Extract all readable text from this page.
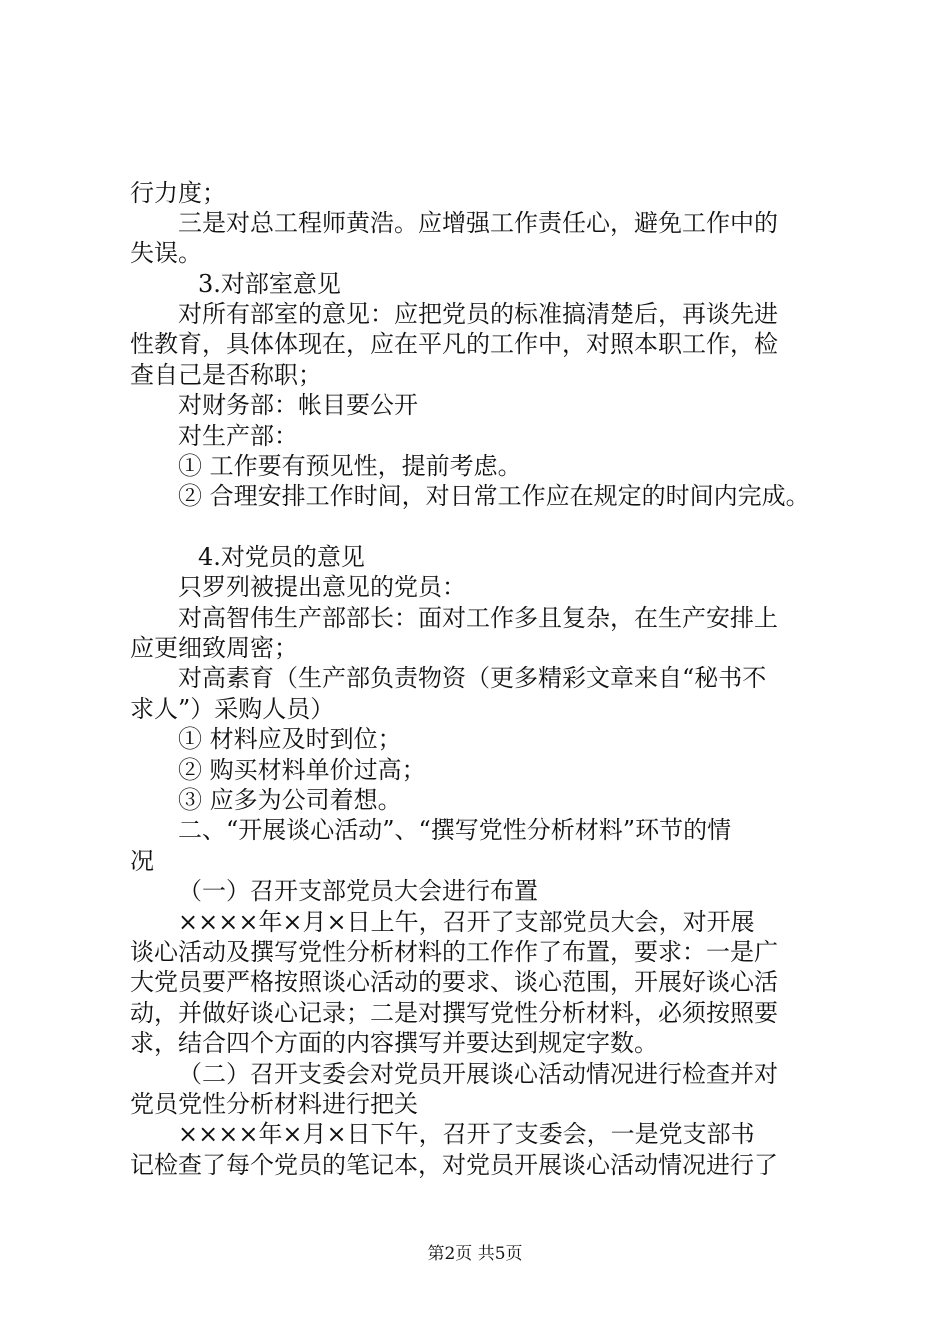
行力度；
三是对总工程师黄浩。应增强工作责任心，避免工作中的
失误。
3.对部室意见
对所有部室的意见：应把党员的标准搞清楚后，再谈先进
性教育，具体体现在，应在平凡的工作中，对照本职工作，检
查自己是否称职；
对财务部：帐目要公开
对生产部：
① 工作要有预见性，提前考虑。
② 合理安排工作时间，对日常工作应在规定的时间内完成。
4.对党员的意见
只罗列被提出意见的党员：
对高智伟生产部部长：面对工作多且复杂，在生产安排上
应更细致周密；
对高素育（生产部负责物资（更多精彩文章来自“秘书不
求人”）采购人员）
① 材料应及时到位；
② 购买材料单价过高；
③ 应多为公司着想。
二、“开展谈心活动”、“撰写党性分析材料”环节的情
况
（一）召开支部党员大会进行布置
××××年×月×日上午，召开了支部党员大会，对开展
谈心活动及撰写党性分析材料的工作作了布置，要求：一是广
大党员要严格按照谈心活动的要求、谈心范围，开展好谈心活
动，并做好谈心记录；二是对撰写党性分析材料，必须按照要
求，结合四个方面的内容撰写并要达到规定字数。
（二）召开支委会对党员开展谈心活动情况进行检查并对
党员党性分析材料进行把关
××××年×月×日下午，召开了支委会，一是党支部书
记检查了每个党员的笔记本，对党员开展谈心活动情况进行了
第2页 共5页
